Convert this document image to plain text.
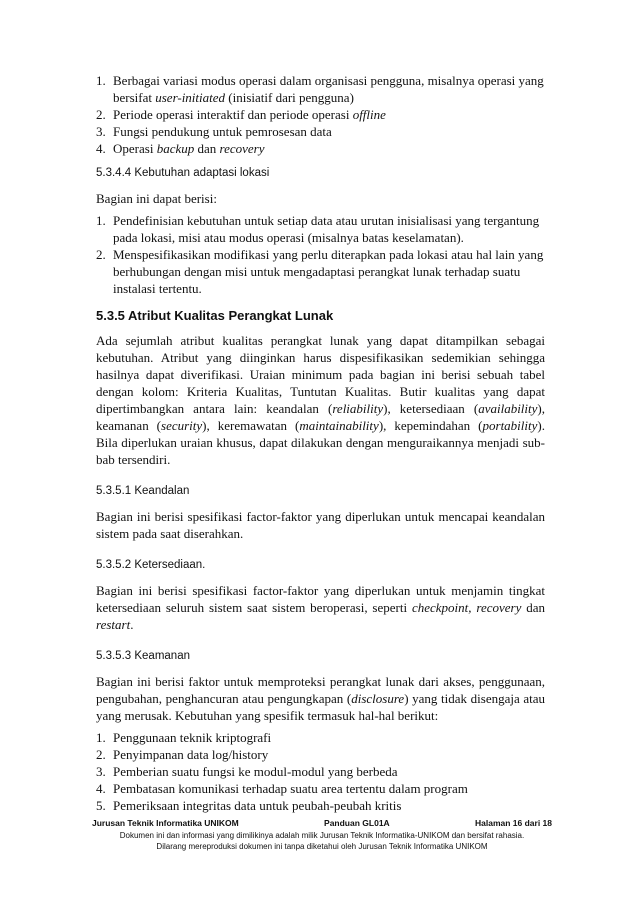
1. Berbagai variasi modus operasi dalam organisasi pengguna, misalnya operasi yang bersifat user-initiated (inisiatif dari pengguna)
2. Periode operasi interaktif dan periode operasi offline
3. Fungsi pendukung untuk pemrosesan data
4. Operasi backup dan recovery
5.3.4.4 Kebutuhan adaptasi lokasi

Bagian ini dapat berisi:

1. Pendefinisian kebutuhan untuk setiap data atau urutan inisialisasi yang tergantung pada lokasi, misi atau modus operasi (misalnya batas keselamatan).
2. Menspesifikasikan modifikasi yang perlu diterapkan pada lokasi atau hal lain yang berhubungan dengan misi untuk mengadaptasi perangkat lunak terhadap suatu instalasi tertentu.
5.3.5 Atribut Kualitas Perangkat Lunak

Ada sejumlah atribut kualitas perangkat lunak yang dapat ditampilkan sebagai kebutuhan. Atribut yang diinginkan harus dispesifikasikan sedemikian sehingga hasilnya dapat diverifikasi. Uraian minimum pada bagian ini berisi sebuah tabel dengan kolom: Kriteria Kualitas, Tuntutan Kualitas. Butir kualitas yang dapat dipertimbangkan antara lain: keandalan (reliability), ketersediaan (availability), keamanan (security), keremawatan (maintainability), kepemindahan (portability). Bila diperlukan uraian khusus, dapat dilakukan dengan menguraikannya menjadi sub-bab tersendiri.

5.3.5.1 Keandalan

Bagian ini berisi spesifikasi factor-faktor yang diperlukan untuk mencapai keandalan sistem pada saat diserahkan.

5.3.5.2 Ketersediaan.

Bagian ini berisi spesifikasi factor-faktor yang diperlukan untuk menjamin tingkat ketersediaan seluruh sistem saat sistem beroperasi, seperti checkpoint, recovery dan restart.

5.3.5.3 Keamanan

Bagian ini berisi faktor untuk memproteksi perangkat lunak dari akses, penggunaan, pengubahan, penghancuran atau pengungkapan (disclosure) yang tidak disengaja atau yang merusak. Kebutuhan yang spesifik termasuk hal-hal berikut:

1. Penggunaan teknik kriptografi
2. Penyimpanan data log/history
3. Pemberian suatu fungsi ke modul-modul yang berbeda
4. Pembatasan komunikasi terhadap suatu area tertentu dalam program
5. Pemeriksaan integritas data untuk peubah-peubah kritis
Jurusan Teknik Informatika UNIKOM	Panduan GL01A	Halaman 16 dari 18
Dokumen ini dan informasi yang dimilikinya adalah milik Jurusan Teknik Informatika-UNIKOM dan bersifat rahasia.
Dilarang mereproduksi dokumen ini tanpa diketahui oleh Jurusan Teknik Informatika UNIKOM
